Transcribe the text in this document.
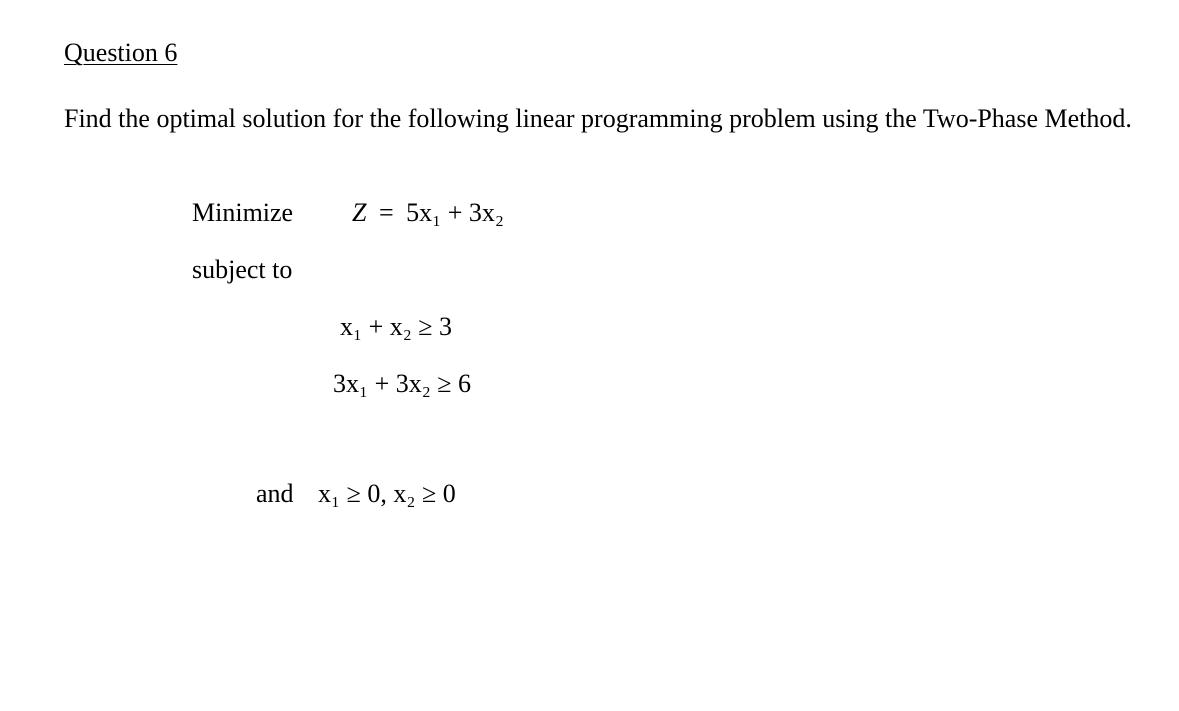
Question 6
Find the optimal solution for the following linear programming problem using the Two-Phase Method.
Minimize Z = 5x₁ + 3x₂
subject to
x₁ + x₂ ≥ 3
3x₁ + 3x₂ ≥ 6
and x₁ ≥ 0, x₂ ≥ 0
